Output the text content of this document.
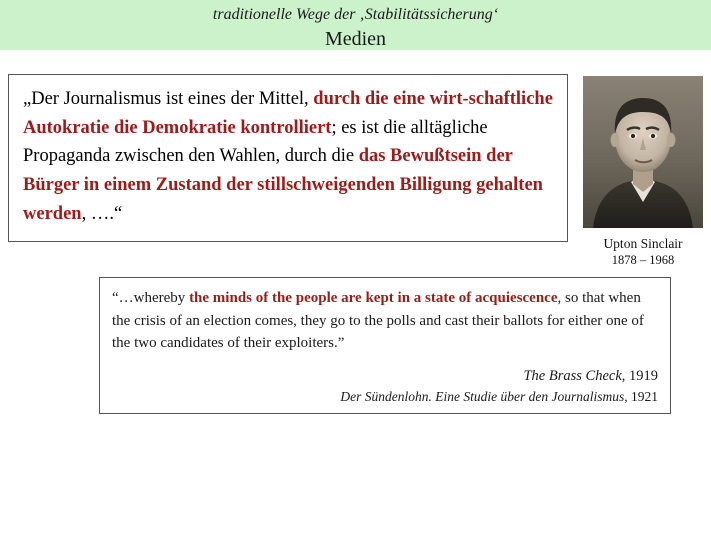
traditionelle Wege der ‚Stabilitätssicherung‘
Medien
„Der Journalismus ist eines der Mittel, durch die eine wirt-schaftliche Autokratie die Demokratie kontrolliert; es ist die alltägliche Propaganda zwischen den Wahlen, durch die das Bewußtsein der Bürger in einem Zustand der stillschweigenden Billigung gehalten werden, ….“
Upton Sinclair
1878 – 1968
“…whereby the minds of the people are kept in a state of acquiescence, so that when the crisis of an election comes, they go to the polls and cast their ballots for either one of the two candidates of their exploiters.”
The Brass Check, 1919
Der Sündenlohn. Eine Studie über den Journalismus, 1921
